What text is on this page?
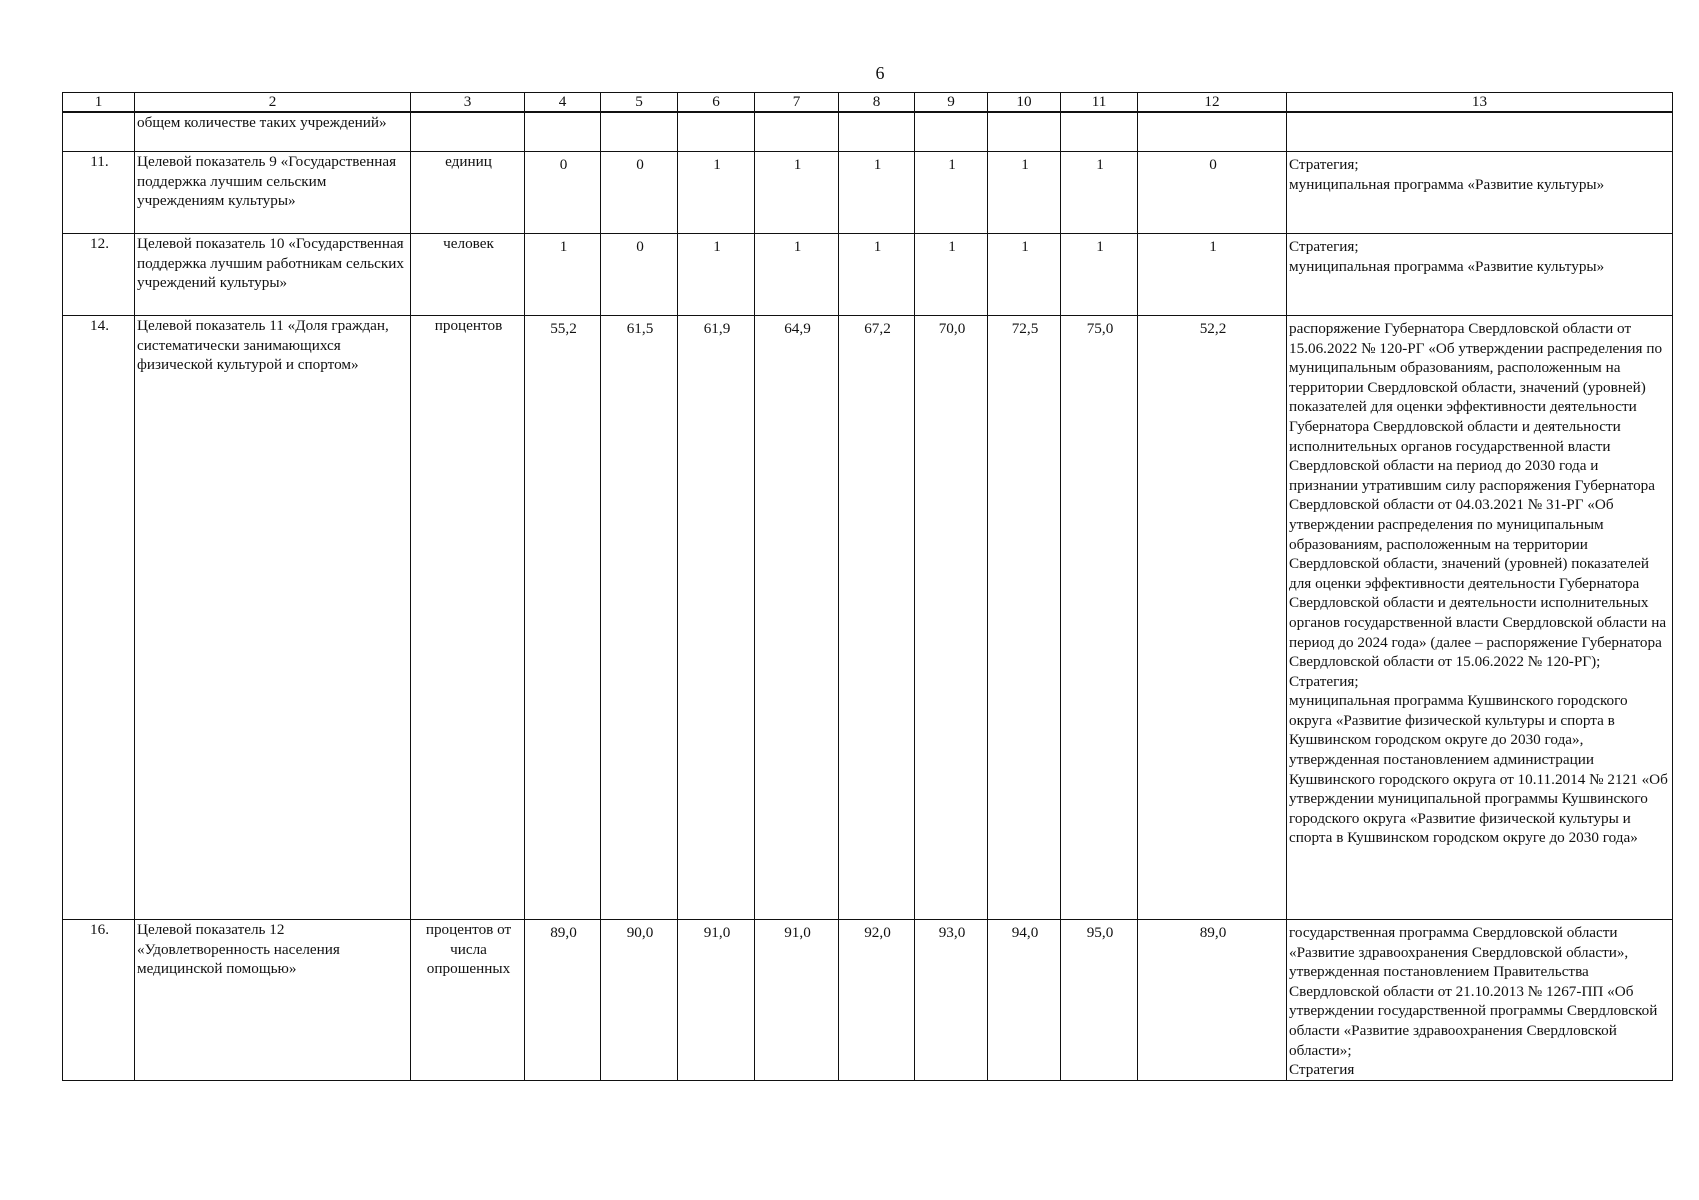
6
1	2	3	4	5	6	7	8	9	10	11	12	13
	общем количестве таких учреждений»											
11.	Целевой показатель 9 «Государственная поддержка лучшим сельским учреждениям культуры»	единиц	0	0	1	1	1	1	1	1	0	Стратегия;
муниципальная программа «Развитие культуры»
12.	Целевой показатель 10 «Государственная поддержка лучшим работникам сельских учреждений культуры»	человек	1	0	1	1	1	1	1	1	1	Стратегия;
муниципальная программа «Развитие культуры»
14.	Целевой показатель 11 «Доля граждан, систематически занимающихся физической культурой и спортом»	процентов	55,2	61,5	61,9	64,9	67,2	70,0	72,5	75,0	52,2	распоряжение Губернатора Свердловской области от 15.06.2022 № 120-РГ «Об утверждении распределения по муниципальным образованиям, расположенным на территории Свердловской области, значений (уровней) показателей для оценки эффективности деятельности Губернатора Свердловской области и деятельности исполнительных органов государственной власти Свердловской области на период до 2030 года и признании утратившим силу распоряжения Губернатора Свердловской области от 04.03.2021 № 31-РГ «Об утверждении распределения по муниципальным образованиям, расположенным на территории Свердловской области, значений (уровней) показателей для оценки эффективности деятельности Губернатора Свердловской области и деятельности исполнительных органов государственной власти Свердловской области на период до 2024 года» (далее – распоряжение Губернатора Свердловской области от 15.06.2022 № 120-РГ);
Стратегия;
муниципальная программа Кушвинского городского округа «Развитие физической культуры и спорта в Кушвинском городском округе до 2030 года», утвержденная постановлением администрации Кушвинского городского округа от 10.11.2014 № 2121 «Об утверждении муниципальной программы Кушвинского городского округа «Развитие физической культуры и спорта в Кушвинском городском округе до 2030 года»
16.	Целевой показатель 12 «Удовлетворенность населения медицинской помощью»	процентов от числа опрошенных	89,0	90,0	91,0	91,0	92,0	93,0	94,0	95,0	89,0	государственная программа Свердловской области «Развитие здравоохранения Свердловской области», утвержденная постановлением Правительства Свердловской области от 21.10.2013 № 1267-ПП «Об утверждении государственной программы Свердловской области «Развитие здравоохранения Свердловской области»;
Стратегия
